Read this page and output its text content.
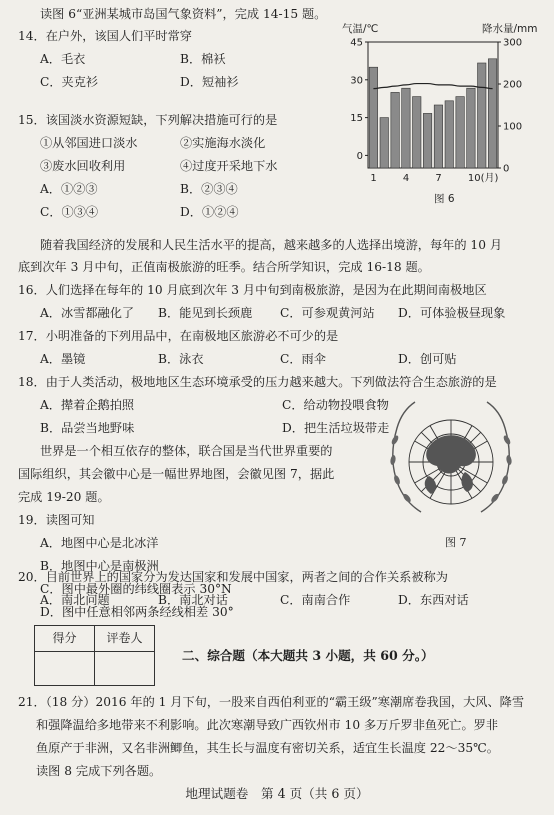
读图 6“亚洲某城市岛国气象资料”，完成 14-15 题。
14．在户外，该国人们平时常穿
A．毛衣	B．棉袄
C．夹克衫	D．短袖衫
15．该国淡水资源短缺，下列解决措施可行的是
①从邻国进口淡水	②实施海水淡化
③废水回收利用	④过度开采地下水
A．①②③	B．②③④
C．①③④	D．①②④
气温/℃	降水量/mm
0
15
30
45
0
100
200
300
1	4	7	10(月)
图 6
随着我国经济的发展和人民生活水平的提高，越来越多的人选择出境游，每年的 10 月
底到次年 3 月中旬，正值南极旅游的旺季。结合所学知识，完成 16-18 题。
16．人们选择在每年的 10 月底到次年 3 月中旬到南极旅游，是因为在此期间南极地区
A．冰雪都融化了 B．能见到长颈鹿 C．可参观黄河站 D．可体验极昼现象
17．小明准备的下列用品中，在南极地区旅游必不可少的是
A．墨镜	B．泳衣	C．雨伞	D．创可贴
18．由于人类活动，极地地区生态环境承受的压力越来越大。下列做法符合生态旅游的是
A．撵着企鹅拍照	C．给动物投喂食物
B．品尝当地野味	D．把生活垃圾带走
世界是一个相互依存的整体，联合国是当代世界重要的
国际组织，其会徽中心是一幅世界地图，会徽见图 7，据此
完成 19-20 题。
19．读图可知
A．地图中心是北冰洋
B．地图中心是南极洲
C．图中最外圈的纬线圈表示 30°N
D．图中任意相邻两条经线相差 30°
图 7
20．目前世界上的国家分为发达国家和发展中国家，两者之间的合作关系被称为
A．南北问题	B．南北对话	C．南南合作	D．东西对话
得分	评卷人

二、综合题（本大题共 3 小题，共 60 分。）
21．（18 分）2016 年的 1 月下旬，一股来自西伯利亚的“霸王级”寒潮席卷我国，大风、降雪
和强降温给多地带来不利影响。此次寒潮导致广西钦州市 10 多万斤罗非鱼死亡。罗非
鱼原产于非洲，又名非洲鲫鱼，其生长与温度有密切关系，适宜生长温度 22～35℃。
读图 8 完成下列各题。
地理试题卷　第 4 页（共 6 页）
